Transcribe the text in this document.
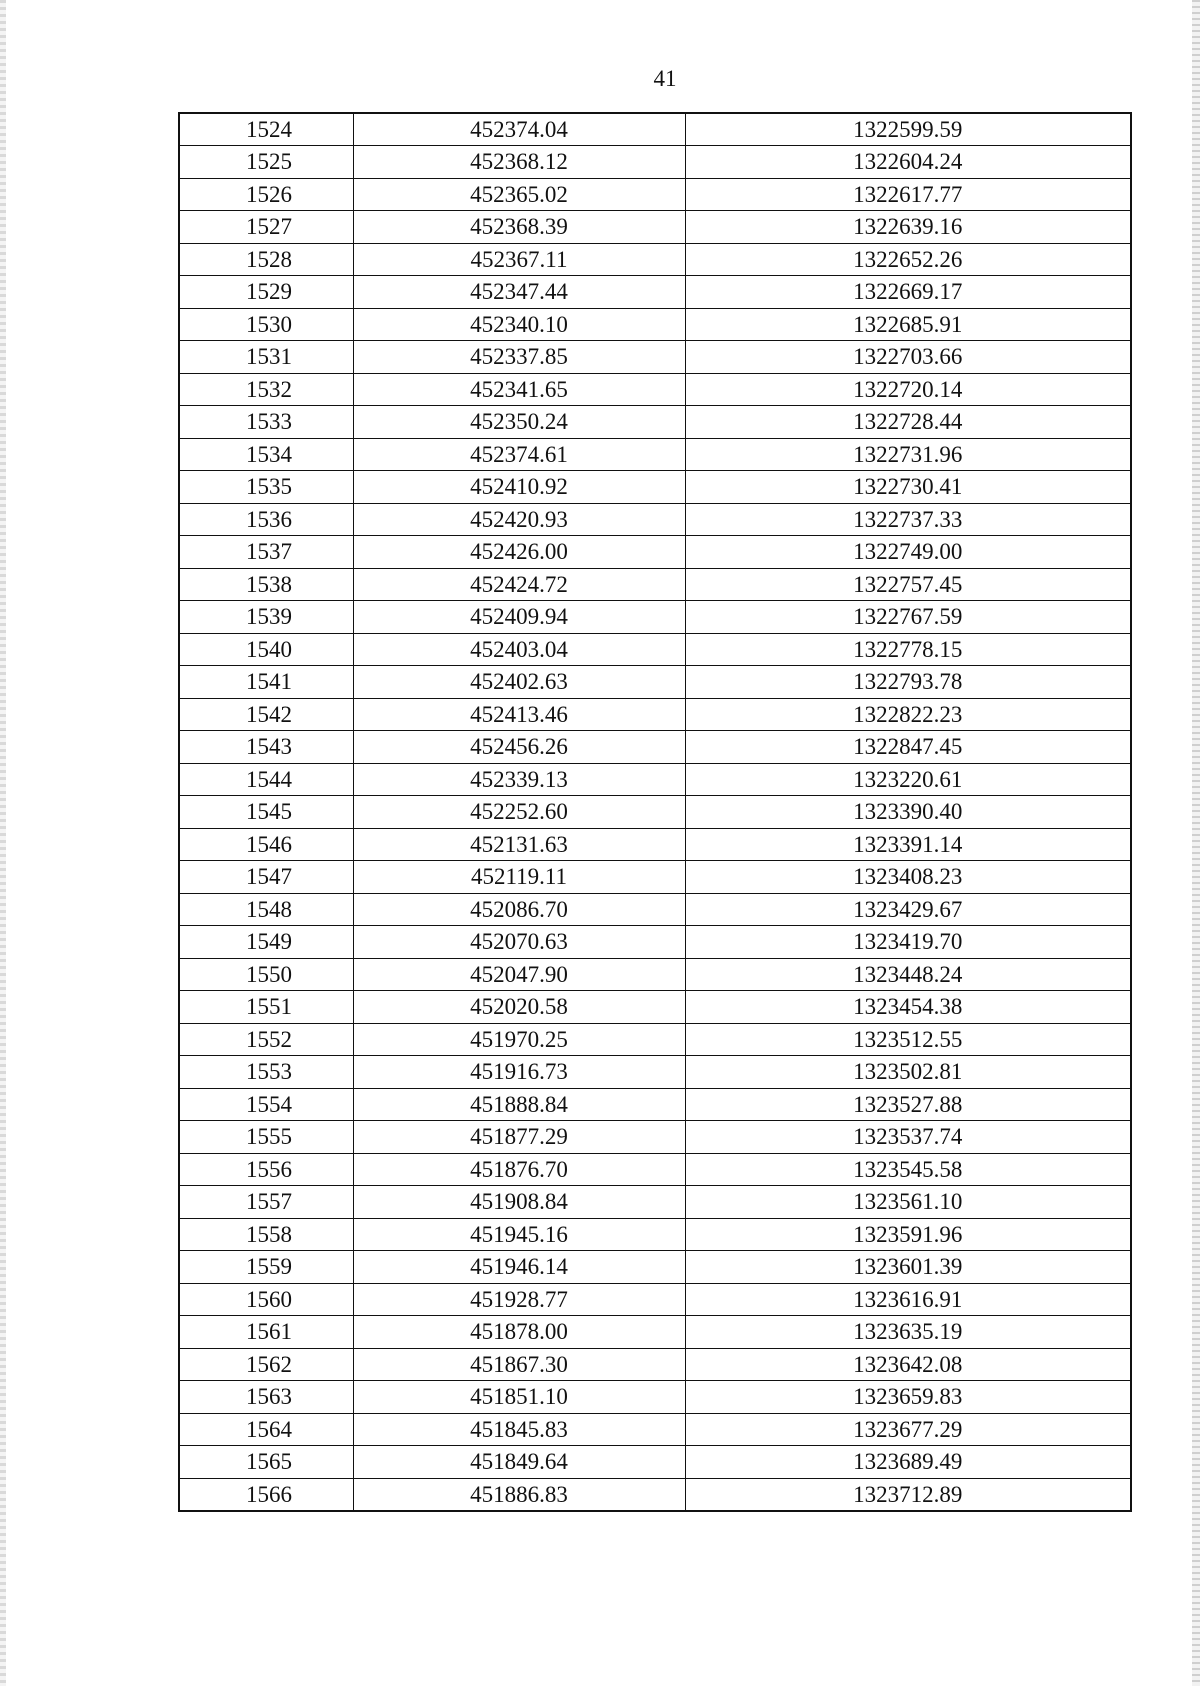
41
1524	452374.04	1322599.59
1525	452368.12	1322604.24
1526	452365.02	1322617.77
1527	452368.39	1322639.16
1528	452367.11	1322652.26
1529	452347.44	1322669.17
1530	452340.10	1322685.91
1531	452337.85	1322703.66
1532	452341.65	1322720.14
1533	452350.24	1322728.44
1534	452374.61	1322731.96
1535	452410.92	1322730.41
1536	452420.93	1322737.33
1537	452426.00	1322749.00
1538	452424.72	1322757.45
1539	452409.94	1322767.59
1540	452403.04	1322778.15
1541	452402.63	1322793.78
1542	452413.46	1322822.23
1543	452456.26	1322847.45
1544	452339.13	1323220.61
1545	452252.60	1323390.40
1546	452131.63	1323391.14
1547	452119.11	1323408.23
1548	452086.70	1323429.67
1549	452070.63	1323419.70
1550	452047.90	1323448.24
1551	452020.58	1323454.38
1552	451970.25	1323512.55
1553	451916.73	1323502.81
1554	451888.84	1323527.88
1555	451877.29	1323537.74
1556	451876.70	1323545.58
1557	451908.84	1323561.10
1558	451945.16	1323591.96
1559	451946.14	1323601.39
1560	451928.77	1323616.91
1561	451878.00	1323635.19
1562	451867.30	1323642.08
1563	451851.10	1323659.83
1564	451845.83	1323677.29
1565	451849.64	1323689.49
1566	451886.83	1323712.89
